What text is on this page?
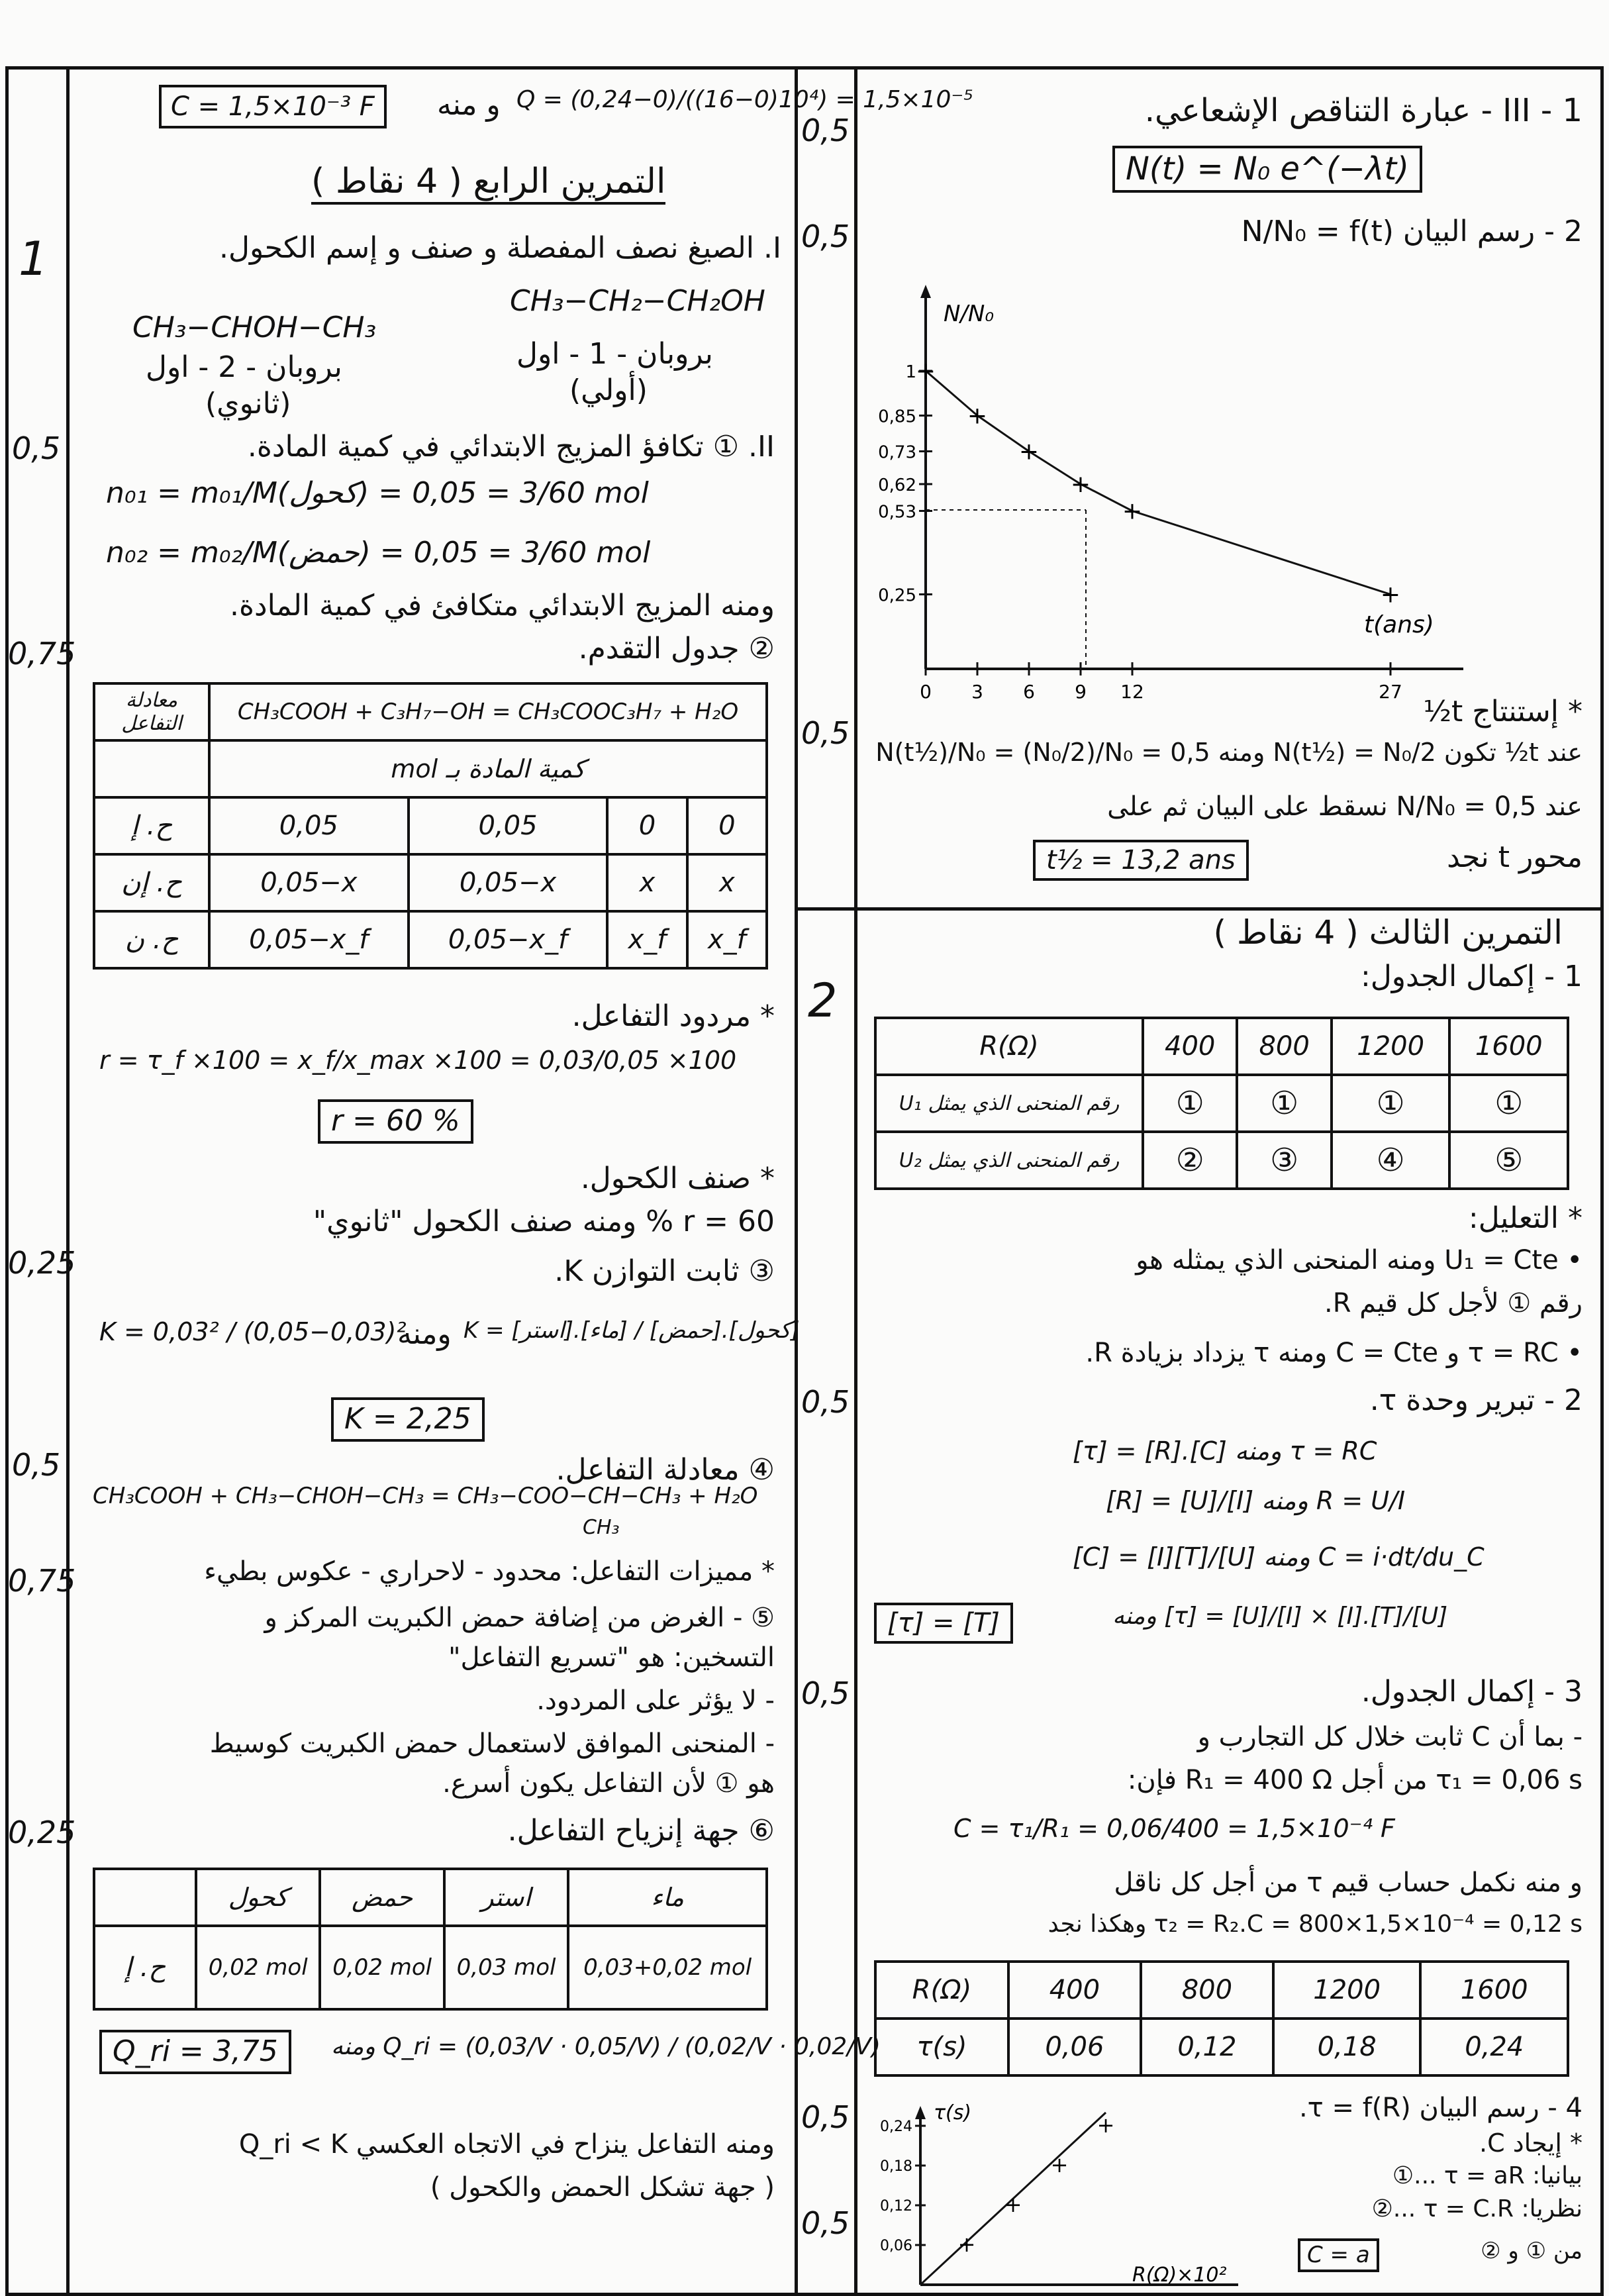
C = 1,5×10⁻³ F	و منه Q = (0,24−0)/((16−0)10⁴) = 1,5×10⁻⁵
التمرين الرابع ( 4 نقاط )
I. الصيغ نصف المفصلة و صنف و إسم الكحول.
CH₃−CH₂−CH₂OH
CH₃−CHOH−CH₃
بروبان - 1 - اول
بروبان - 2 - اول
(أولي)
(ثانوي)
II. ① تكافؤ المزيج الابتدائي في كمية المادة.
n₀₁ = m₀₁/M(كحول) = 3/60 = 0,05 mol
n₀₂ = m₀₂/M(حمض) = 3/60 = 0,05 mol
ومنه المزيج الابتدائي متكافئ في كمية المادة.
② جدول التقدم.
معادلة التفاعل	CH₃COOH + C₃H₇−OH = CH₃COOC₃H₇ + H₂O			
	كمية المادة بـ mol			
ح. إ	0,05	0,05	0	0
ح. إن	0,05−x	0,05−x	x	x
ح. ن	0,05−x_f	0,05−x_f	x_f	x_f
* مردود التفاعل.
r = τ_f ×100 = x_f/x_max ×100 = 0,03/0,05 ×100
r = 60 %
* صنف الكحول.
r = 60 % ومنه صنف الكحول "ثانوي"
③ ثابت التوازن K.
K = 0,03² / (0,05−0,03)²
ومنه K = [استر].[ماء] / [حمض].[كحول]
K = 2,25
④ معادلة التفاعل.
CH₃COOH + CH₃−CHOH−CH₃ = CH₃−COO−CH−CH₃ + H₂O
CH₃
* مميزات التفاعل: محدود - لاحراري - عكوس بطيء
⑤ - الغرض من إضافة حمض الكبريت المركز و
التسخين: هو "تسريع التفاعل"
- لا يؤثر على المردود.
- المنحنى الموافق لاستعمال حمض الكبريت كوسيط
هو ① لأن التفاعل يكون أسرع.
⑥ جهة إنزياح التفاعل.
	كحول	حمض	استر	ماء
ح. إ	0,02 mol	0,02 mol	0,03 mol	0,03+0,02 mol
Q_ri = 3,75	ومنه Q_ri = (0,03/V · 0,05/V) / (0,02/V · 0,02/V)
ومنه التفاعل ينزاح في الاتجاه العكسي Q_ri < K
( جهة تشكل الحمض والكحول )
1
0,5
0,75
0,25
0,5
0,75
0,25
III - 1 - عبارة التناقص الإشعاعي.
N(t) = N₀ e^(−λt)
2 - رسم البيان N/N₀ = f(t)
N/N₀
t(ans)
1
0,85
0,73
0,62
0,53
0,25
0 3 6 9 12	27
+
+
+
+
+
+
* إستنتاج t½
عند t½ تكون N(t½) = N₀/2 ومنه N(t½)/N₀ = (N₀/2)/N₀ = 0,5
عند N/N₀ = 0,5 نسقط على البيان ثم على
محور t نجد
t½ = 13,2 ans
التمرين الثالث ( 4 نقاط )
1 - إكمال الجدول:
R(Ω)	400	800	1200	1600
رقم المنحنى الذي يمثل U₁	①	①	①	①
رقم المنحنى الذي يمثل U₂	②	③	④	⑤
* التعليل:
• U₁ = Cte ومنه المنحنى الذي يمثله هو
رقم ① لأجل كل قيم R.
• τ = RC و C = Cte ومنه τ يزداد بزيادة R.
2 - تبرير وحدة τ.
[τ] = [R].[C] ومنه τ = RC
[R] = [U]/[I] ومنه R = U/I
[C] = [I][T]/[U] ومنه C = i·dt/du_C
[τ] = [T]	ومنه [τ] = [U]/[I] × [I].[T]/[U]
3 - إكمال الجدول.
- بما أن C ثابت خلال كل التجارب و
τ₁ = 0,06 s من أجل R₁ = 400 Ω فإن:
C = τ₁/R₁ = 0,06/400 = 1,5×10⁻⁴ F
و منه نكمل حساب قيم τ من أجل كل ناقل
τ₂ = R₂.C = 800×1,5×10⁻⁴ = 0,12 s وهكذا نجد
R(Ω)	400	800	1200	1600
τ(s)	0,06	0,12	0,18	0,24
4 - رسم البيان τ = f(R).
* إيجاد C.
بيانيا: τ = aR ...①
نظريا: τ = C.R ...②
من ① و ②
C = a
τ(s)
R(Ω)×10²
0,24
0,18
0,12
0,06 +
+
+
+
0,5
0,5
0,5
2
0,5
0,5
0,5
0,5
